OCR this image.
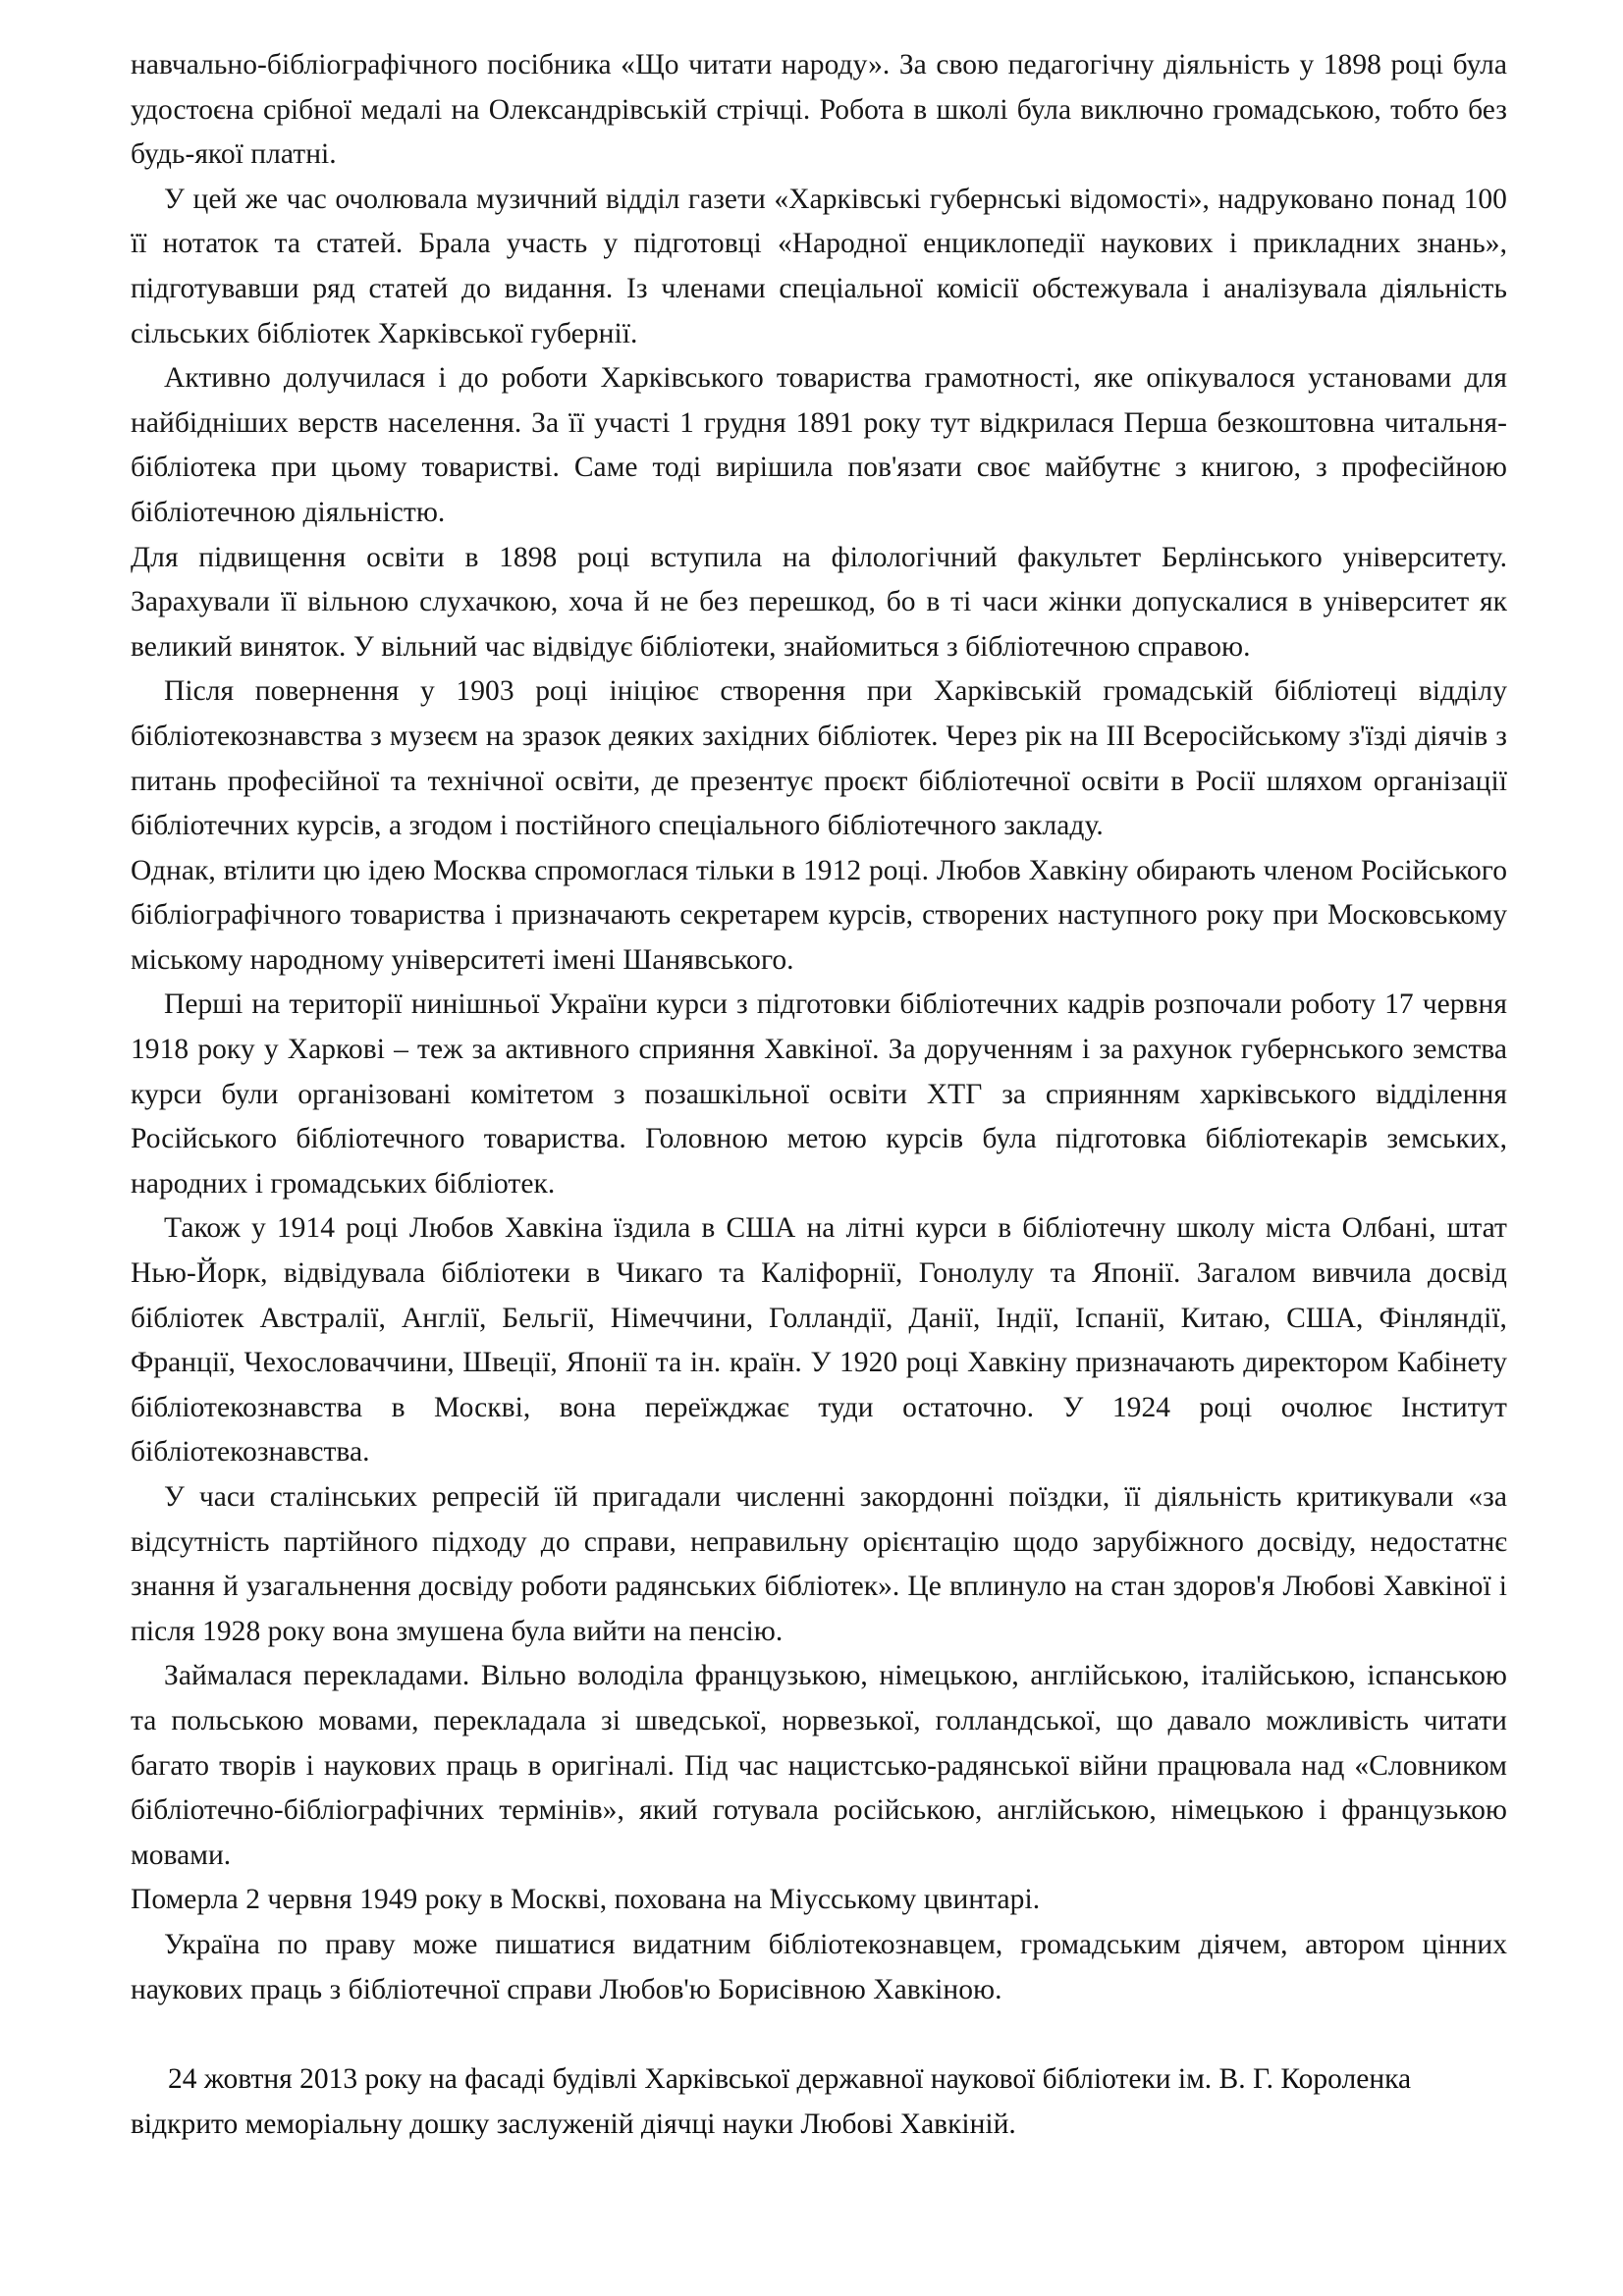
навчально-бібліографічного посібника «Що читати народу». За свою педагогічну діяльність у 1898 році була удостоєна срібної медалі на Олександрівській стрічці. Робота в школі була виключно громадською, тобто без будь-якої платні.

У цей же час очолювала музичний відділ газети «Харківські губернські відомості», надруковано понад 100 її нотаток та статей. Брала участь у підготовці «Народної енциклопедії наукових і прикладних знань», підготувавши ряд статей до видання. Із членами спеціальної комісії обстежувала і аналізувала діяльність сільських бібліотек Харківської губернії.

Активно долучилася і до роботи Харківського товариства грамотності, яке опікувалося установами для найбідніших верств населення. За її участі 1 грудня 1891 року тут відкрилася Перша безкоштовна читальня-бібліотека при цьому товаристві. Саме тоді вирішила пов'язати своє майбутнє з книгою, з професійною бібліотечною діяльністю.

Для підвищення освіти в 1898 році вступила на філологічний факультет Берлінського університету. Зарахували її вільною слухачкою, хоча й не без перешкод, бо в ті часи жінки допускалися в університет як великий виняток. У вільний час відвідує бібліотеки, знайомиться з бібліотечною справою.

Після повернення у 1903 році ініціює створення при Харківській громадській бібліотеці відділу бібліотекознавства з музеєм на зразок деяких західних бібліотек. Через рік на ІІІ Всеросійському з'їзді діячів з питань професійної та технічної освіти, де презентує проєкт бібліотечної освіти в Росії шляхом організації бібліотечних курсів, а згодом і постійного спеціального бібліотечного закладу.

Однак, втілити цю ідею Москва спромоглася тільки в 1912 році. Любов Хавкіну обирають членом Російського бібліографічного товариства і призначають секретарем курсів, створених наступного року при Московському міському народному університеті імені Шанявського.

Перші на території нинішньої України курси з підготовки бібліотечних кадрів розпочали роботу 17 червня 1918 року у Харкові – теж за активного сприяння Хавкіної. За дорученням і за рахунок губернського земства курси були організовані комітетом з позашкільної освіти ХТГ за сприянням харківського відділення Російського бібліотечного товариства. Головною метою курсів була підготовка бібліотекарів земських, народних і громадських бібліотек.

Також у 1914 році Любов Хавкіна їздила в США на літні курси в бібліотечну школу міста Олбані, штат Нью-Йорк, відвідувала бібліотеки в Чикаго та Каліфорнії, Гонолулу та Японії. Загалом вивчила досвід бібліотек Австралії, Англії, Бельгії, Німеччини, Голландії, Данії, Індії, Іспанії, Китаю, США, Фінляндії, Франції, Чехословаччини, Швеції, Японії та ін. країн. У 1920 році Хавкіну призначають директором Кабінету бібліотекознавства в Москві, вона переїжджає туди остаточно. У 1924 році очолює Інститут бібліотекознавства.

У часи сталінських репресій їй пригадали численні закордонні поїздки, її діяльність критикували «за відсутність партійного підходу до справи, неправильну орієнтацію щодо зарубіжного досвіду, недостатнє знання й узагальнення досвіду роботи радянських бібліотек». Це вплинуло на стан здоров'я Любові Хавкіної і після 1928 року вона змушена була вийти на пенсію.

Займалася перекладами. Вільно володіла французькою, німецькою, англійською, італійською, іспанською та польською мовами, перекладала зі шведської, норвезької, голландської, що давало можливість читати багато творів і наукових праць в оригіналі. Під час нацистсько-радянської війни працювала над «Словником бібліотечно-бібліографічних термінів», який готувала російською, англійською, німецькою і французькою мовами.

Померла 2 червня 1949 року в Москві, похована на Міусському цвинтарі.

Україна по праву може пишатися видатним бібліотекознавцем, громадським діячем, автором цінних наукових праць з бібліотечної справи Любов'ю Борисівною Хавкіною.

24 жовтня 2013 року на фасаді будівлі Харківської державної наукової бібліотеки ім. В. Г. Короленка відкрито меморіальну дошку заслуженій діячці науки Любові Хавкіній.
